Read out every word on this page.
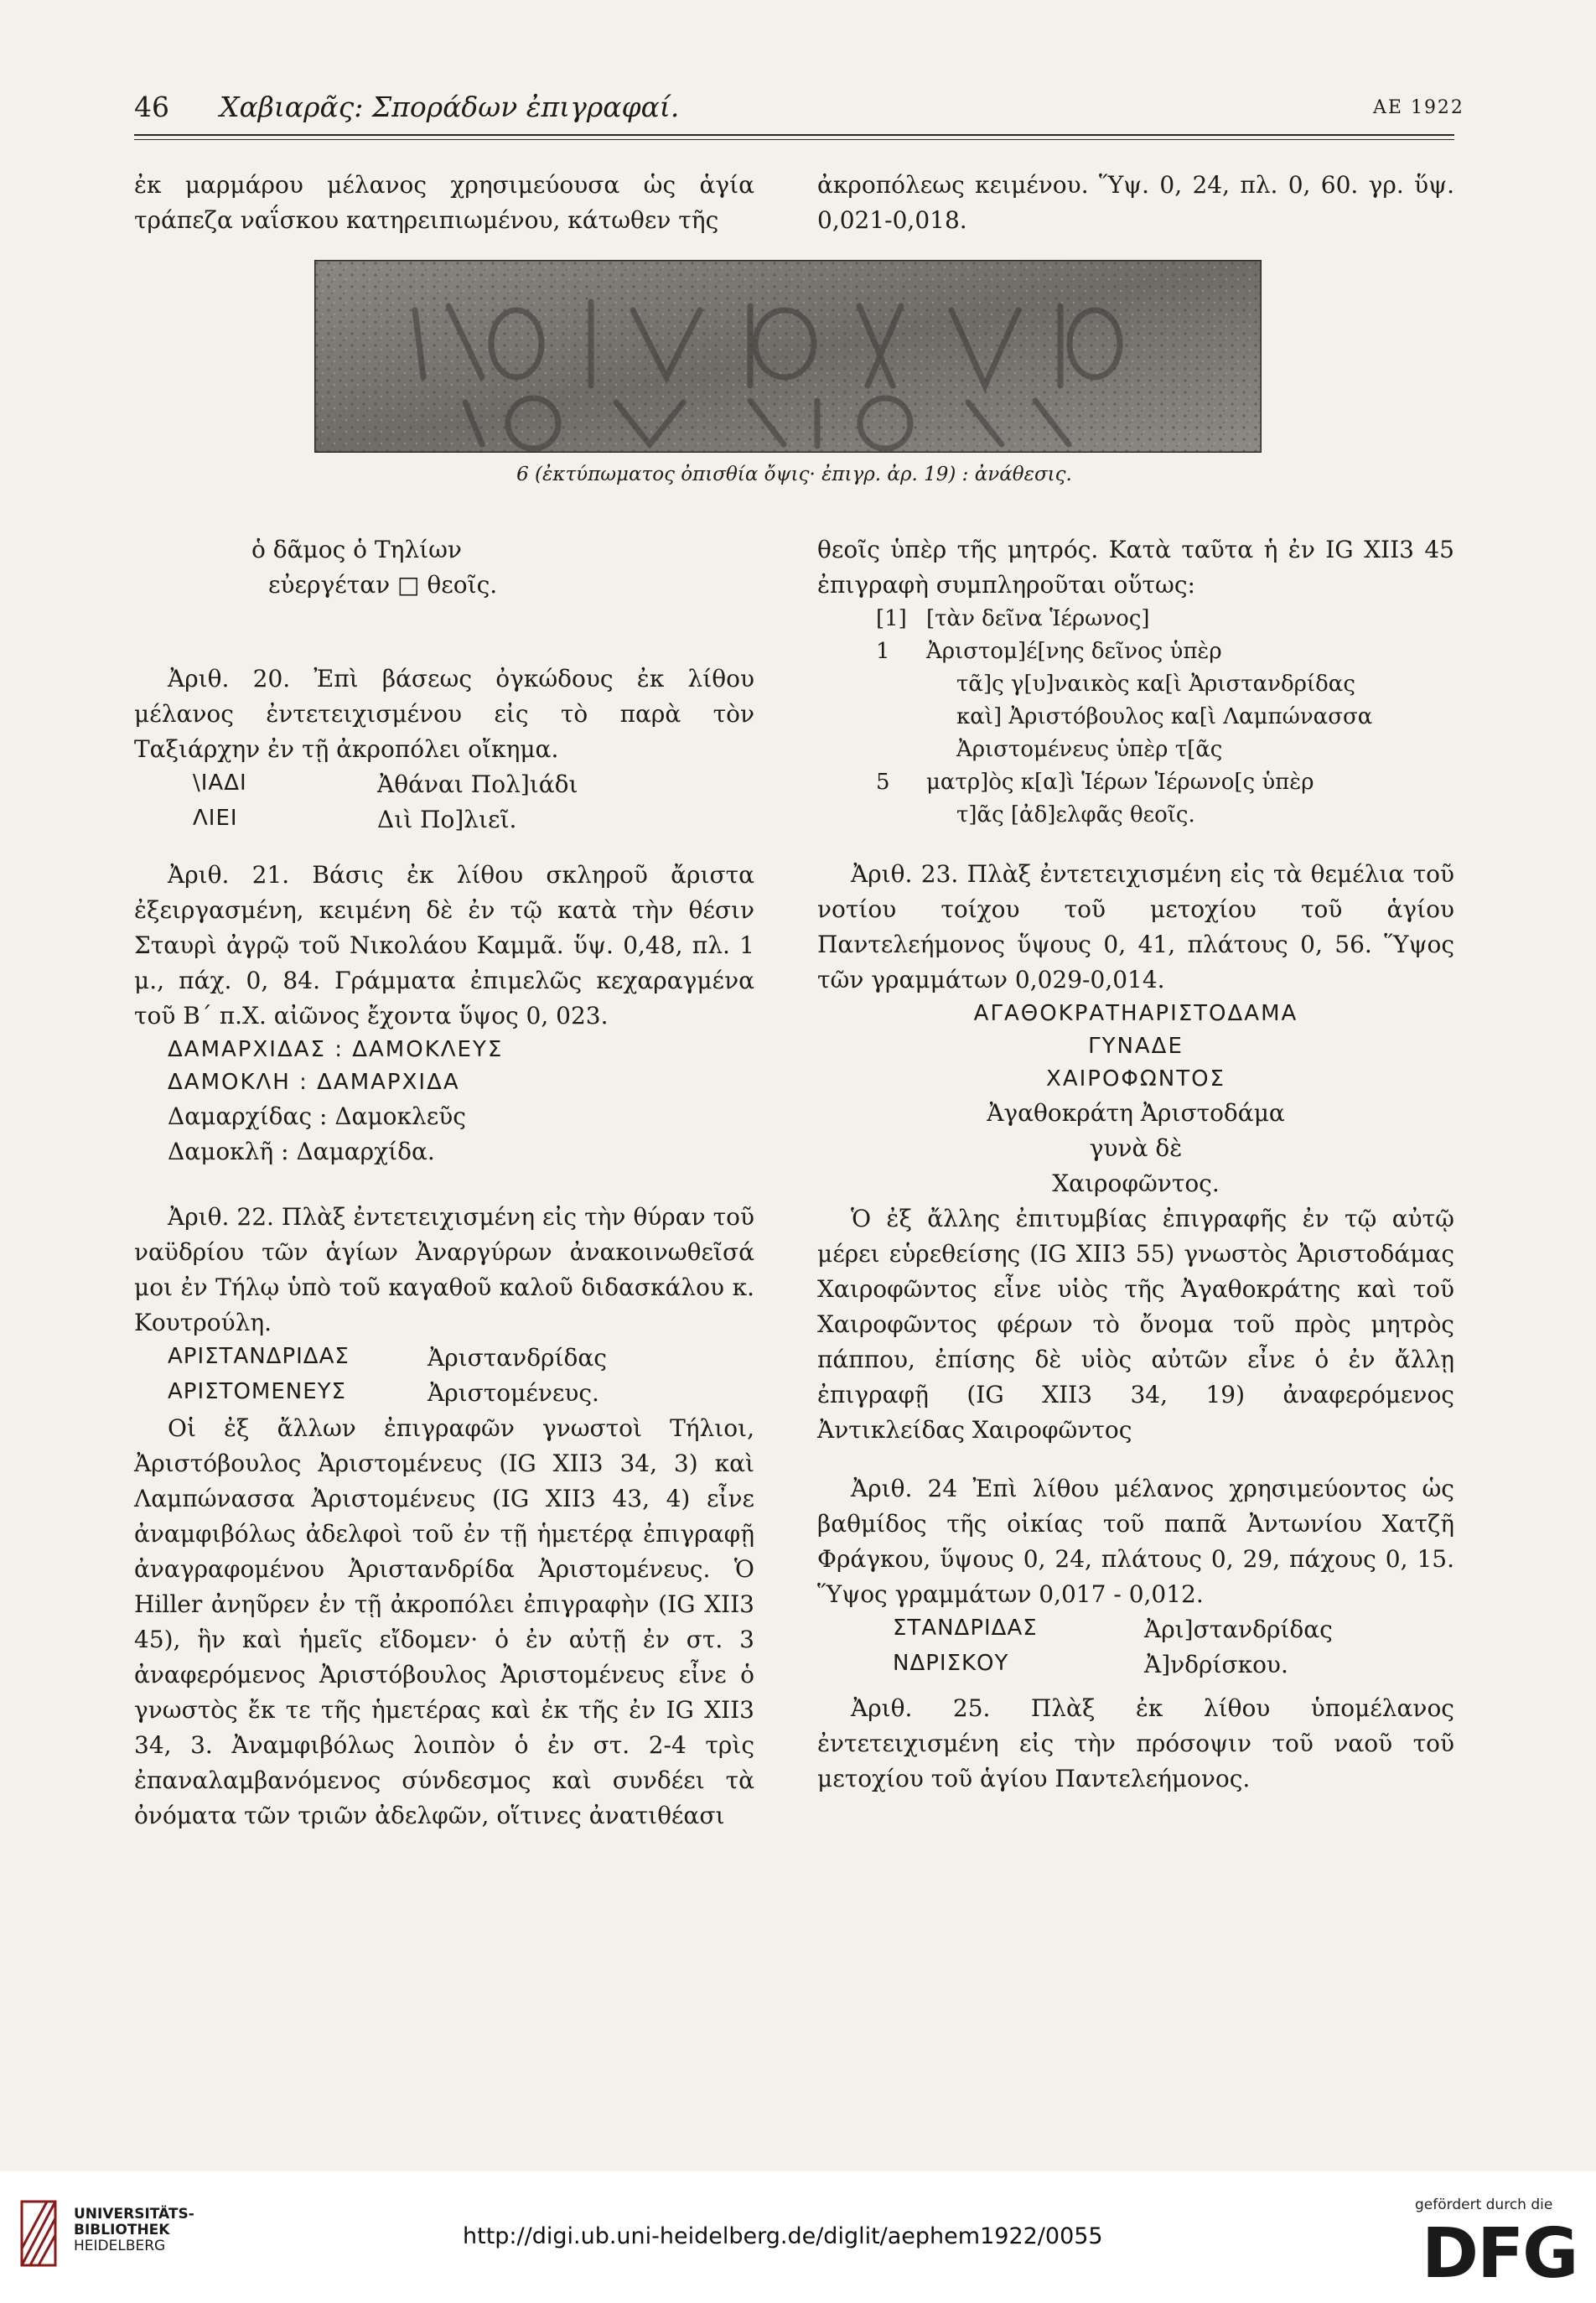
46 Χαβιαρᾶς: Σποράδων ἐπιγραφαί.	ΑΕ 1922

ἐκ μαρμάρου μέλανος χρησιμεύουσα ὡς ἁγία τράπεζα ναΐσκου κατηρειπιωμένου, κάτωθεν τῆς

ἀκροπόλεως κειμένου. Ὕψ. 0, 24, πλ. 0, 60. γρ. ὕψ. 0,021-0,018.

6 (ἐκτύπωματος ὀπισθία ὄψις· ἐπιγρ. ἀρ. 19) : ἀνάθεσις.
ὁ δᾶμος ὁ Τηλίων
εὐεργέταν □ θεοῖς.

Ἀριθ. 20. Ἐπὶ βάσεως ὀγκώδους ἐκ λίθου μέλανος ἐντετειχισμένου εἰς τὸ παρὰ τὸν Ταξιάρχην ἐν τῇ ἀκροπόλει οἴκημα.

\ΙΑΔΙ	Ἀθάναι Πολ]ιάδι
ΛΙΕΙ	Διὶ Πο]λιεῖ.

Ἀριθ. 21. Βάσις ἐκ λίθου σκληροῦ ἄριστα ἐξειργασμένη, κειμένη δὲ ἐν τῷ κατὰ τὴν θέσιν Σταυρὶ ἀγρῷ τοῦ Νικολάου Καμμᾶ. ὕψ. 0,48, πλ. 1 μ., πάχ. 0, 84. Γράμματα ἐπιμελῶς κεχαραγμένα τοῦ Β΄ π.Χ. αἰῶνος ἔχοντα ὕψος 0, 023.

ΔΑΜΑΡΧΙΔΑΣ : ΔΑΜΟΚΛΕΥΣ
ΔΑΜΟΚΛΗ : ΔΑΜΑΡΧΙΔΑ
Δαμαρχίδας : Δαμοκλεῦς
Δαμοκλῆ : Δαμαρχίδα.

Ἀριθ. 22. Πλὰξ ἐντετειχισμένη εἰς τὴν θύραν τοῦ ναϋδρίου τῶν ἁγίων Ἀναργύρων ἀνακοινωθεῖσά μοι ἐν Τήλῳ ὑπὸ τοῦ καγαθοῦ καλοῦ διδασκάλου κ. Κουτρούλη.

ΑΡΙΣΤΑΝΔΡΙΔΑΣ	Ἀριστανδρίδας
ΑΡΙΣΤΟΜΕΝΕΥΣ	Ἀριστομένευς.

Οἱ ἐξ ἄλλων ἐπιγραφῶν γνωστοὶ Τήλιοι, Ἀριστόβουλος Ἀριστομένευς (IG XII3 34, 3) καὶ Λαμπώνασσα Ἀριστομένευς (IG XII3 43, 4) εἶνε ἀναμφιβόλως ἀδελφοὶ τοῦ ἐν τῇ ἡμετέρᾳ ἐπιγραφῇ ἀναγραφομένου Ἀριστανδρίδα Ἀριστομένευς. Ὁ Hiller ἀνηῦρεν ἐν τῇ ἀκροπόλει ἐπιγραφὴν (IG XII3 45), ἣν καὶ ἡμεῖς εἴδομεν· ὁ ἐν αὐτῇ ἐν στ. 3 ἀναφερόμενος Ἀριστόβουλος Ἀριστομένευς εἶνε ὁ γνωστὸς ἔκ τε τῆς ἡμετέρας καὶ ἐκ τῆς ἐν IG XII3 34, 3. Ἀναμφιβόλως λοιπὸν ὁ ἐν στ. 2-4 τρὶς ἐπαναλαμβανόμενος σύνδεσμος καὶ συνδέει τὰ ὀνόματα τῶν τριῶν ἀδελφῶν, οἵτινες ἀνατιθέασι

θεοῖς ὑπὲρ τῆς μητρός. Κατὰ ταῦτα ἡ ἐν IG XII3 45 ἐπιγραφὴ συμπληροῦται οὕτως:

[1] [τὰν δεῖνα Ἱέρωνος]
1	Ἀριστομ]έ[νης δεῖνος ὑπὲρ
τᾶ]ς γ[υ]ναικὸς κα[ὶ Ἀριστανδρίδας
καὶ] Ἀριστόβουλος κα[ὶ Λαμπώνασσα
Ἀριστομένευς ὑπὲρ τ[ᾶς
5	ματρ]ὸς κ[α]ὶ Ἱέρων Ἱέρωνο[ς ὑπὲρ
τ]ᾶς [ἀδ]ελφᾶς θεοῖς.

Ἀριθ. 23. Πλὰξ ἐντετειχισμένη εἰς τὰ θεμέλια τοῦ νοτίου τοίχου τοῦ μετοχίου τοῦ ἁγίου Παντελεήμονος ὕψους 0, 41, πλάτους 0, 56. Ὕψος τῶν γραμμάτων 0,029-0,014.

ΑΓΑΘΟΚΡΑΤΗΑΡΙΣΤΟΔΑΜΑ
ΓΥΝΑΔΕ
ΧΑΙΡΟΦΩΝΤΟΣ
Ἀγαθοκράτη Ἀριστοδάμα
γυνὰ δὲ
Χαιροφῶντος.

Ὁ ἐξ ἄλλης ἐπιτυμβίας ἐπιγραφῆς ἐν τῷ αὐτῷ μέρει εὑρεθείσης (IG XII3 55) γνωστὸς Ἀριστοδάμας Χαιροφῶντος εἶνε υἱὸς τῆς Ἀγαθοκράτης καὶ τοῦ Χαιροφῶντος φέρων τὸ ὄνομα τοῦ πρὸς μητρὸς πάππου, ἐπίσης δὲ υἱὸς αὐτῶν εἶνε ὁ ἐν ἄλλῃ ἐπιγραφῇ (IG XII3 34, 19) ἀναφερόμενος Ἀντικλείδας Χαιροφῶντος

Ἀριθ. 24 Ἐπὶ λίθου μέλανος χρησιμεύοντος ὡς βαθμίδος τῆς οἰκίας τοῦ παπᾶ Ἀντωνίου Χατζῆ Φράγκου, ὕψους 0, 24, πλάτους 0, 29, πάχους 0, 15. Ὕψος γραμμάτων 0,017 - 0,012.

ΣΤΑΝΔΡΙΔΑΣ	Ἀρι]στανδρίδας
ΝΔΡΙΣΚΟΥ	Ἀ]νδρίσκου.

Ἀριθ. 25. Πλὰξ ἐκ λίθου ὑπομέλανος ἐντετειχισμένη εἰς τὴν πρόσοψιν τοῦ ναοῦ τοῦ μετοχίου τοῦ ἁγίου Παντελεήμονος.

UNIVERSITÄTS-
BIBLIOTHEK
HEIDELBERG	http://digi.ub.uni-heidelberg.de/diglit/aephem1922/0055
gefördert durch die
DFG
